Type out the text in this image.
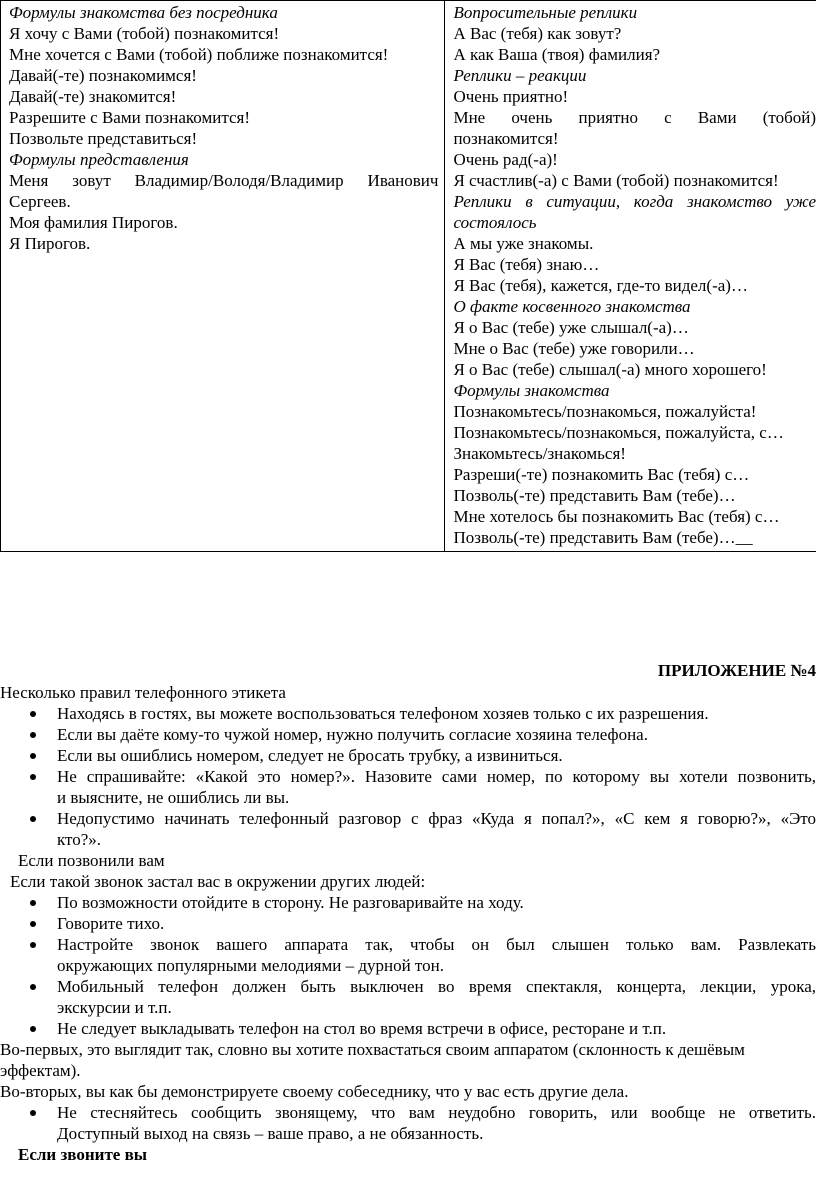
Формулы знакомства без посредника
Я хочу с Вами (тобой) познакомится!
Мне хочется с Вами (тобой) поближе познакомится!
Давай(-те) познакомимся!
Давай(-те) знакомится!
Разрешите с Вами познакомится!
Позвольте представиться!
Формулы представления
Меня зовут Владимир/Володя/Владимир Иванович
Сергеев.
Моя фамилия Пирогов.
Я Пирогов.
Вопросительные реплики
А Вас (тебя) как зовут?
А как Ваша (твоя) фамилия?
Реплики – реакции
Очень приятно!
Мне очень приятно с Вами (тобой)
познакомится!
Очень рад(-а)!
Я счастлив(-а) с Вами (тобой) познакомится!
Реплики в ситуации, когда знакомство уже
состоялось
А мы уже знакомы.
Я Вас (тебя) знаю…
Я Вас (тебя), кажется, где-то видел(-а)…
О факте косвенного знакомства
Я о Вас (тебе) уже слышал(-а)…
Мне о Вас (тебе) уже говорили…
Я о Вас (тебе) слышал(-а) много хорошего!
Формулы знакомства
Познакомьтесь/познакомься, пожалуйста!
Познакомьтесь/познакомься, пожалуйста, с…
Знакомьтесь/знакомься!
Разреши(-те) познакомить Вас (тебя) с…
Позволь(-те) представить Вам (тебе)…
Мне хотелось бы познакомить Вас (тебя) с…
Позволь(-те) представить Вам (тебе)…__
ПРИЛОЖЕНИЕ №4
Несколько правил телефонного этикета
Находясь в гостях, вы можете воспользоваться телефоном хозяев только с их разрешения.
Если вы даёте кому-то чужой номер, нужно получить согласие хозяина телефона.
Если вы ошиблись номером, следует не бросать трубку, а извиниться.
Не спрашивайте: «Какой это номер?». Назовите сами номер, по которому вы хотели позвонить,
и выясните, не ошиблись ли вы.
Недопустимо начинать телефонный разговор с фраз «Куда я попал?», «С кем я говорю?», «Это
кто?».
Если позвонили вам
Если такой звонок застал вас в окружении других людей:
По возможности отойдите в сторону. Не разговаривайте на ходу.
Говорите тихо.
Настройте звонок вашего аппарата так, чтобы он был слышен только вам. Развлекать
окружающих популярными мелодиями – дурной тон.
Мобильный телефон должен быть выключен во время спектакля, концерта, лекции, урока,
экскурсии и т.п.
Не следует выкладывать телефон на стол во время встречи в офисе, ресторане и т.п.
Во-первых, это выглядит так, словно вы хотите похвастаться своим аппаратом (склонность к дешёвым
эффектам).
Во-вторых, вы как бы демонстрируете своему собеседнику, что у вас есть другие дела.
Не стесняйтесь сообщить звонящему, что вам неудобно говорить, или вообще не ответить.
Доступный выход на связь – ваше право, а не обязанность.
Если звоните вы
